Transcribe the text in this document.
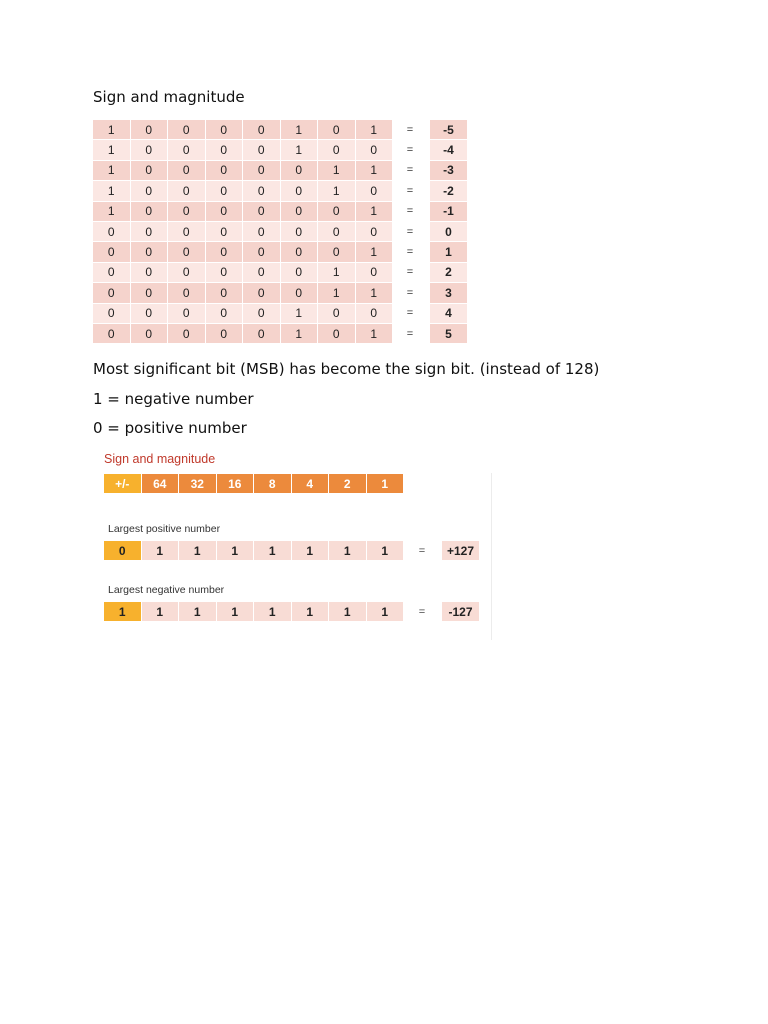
Sign and magnitude

1	0	0	0	0	1	0	1	=	-5
1	0	0	0	0	1	0	0	=	-4
1	0	0	0	0	0	1	1	=	-3
1	0	0	0	0	0	1	0	=	-2
1	0	0	0	0	0	0	1	=	-1
0	0	0	0	0	0	0	0	=	0
0	0	0	0	0	0	0	1	=	1
0	0	0	0	0	0	1	0	=	2
0	0	0	0	0	0	1	1	=	3
0	0	0	0	0	1	0	0	=	4
0	0	0	0	0	1	0	1	=	5

Most significant bit (MSB) has become the sign bit. (instead of 128)

1 = negative number

0 = positive number

Sign and magnitude
+/-	64	32	16	8	4	2	1
Largest positive number
0	1	1	1	1	1	1	1	=	+127
Largest negative number
1	1	1	1	1	1	1	1	=	-127
